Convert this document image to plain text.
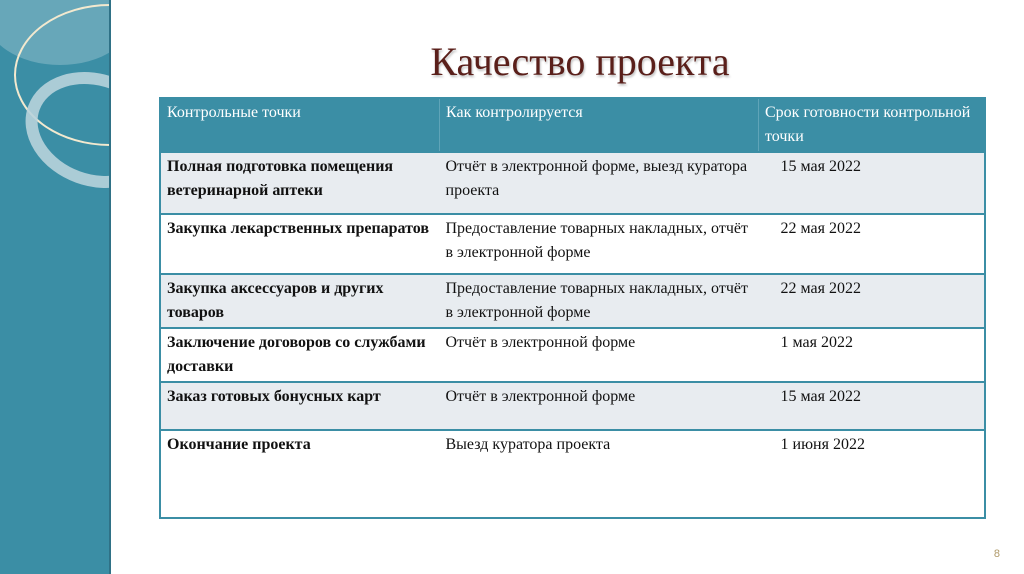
Качество проекта
Контрольные точки	Как контролируется	Срок готовности контрольной точки
Полная подготовка помещения ветеринарной аптеки	Отчёт в электронной форме, выезд куратора проекта	15 мая 2022
Закупка лекарственных препаратов	Предоставление товарных накладных, отчёт в электронной форме	22 мая 2022
Закупка аксессуаров и других товаров	Предоставление товарных накладных, отчёт в электронной форме	22 мая 2022
Заключение договоров со службами доставки	Отчёт в электронной форме	1 мая 2022
Заказ готовых бонусных карт	Отчёт в электронной форме	15 мая 2022
Окончание проекта	Выезд куратора проекта	1 июня 2022
8
